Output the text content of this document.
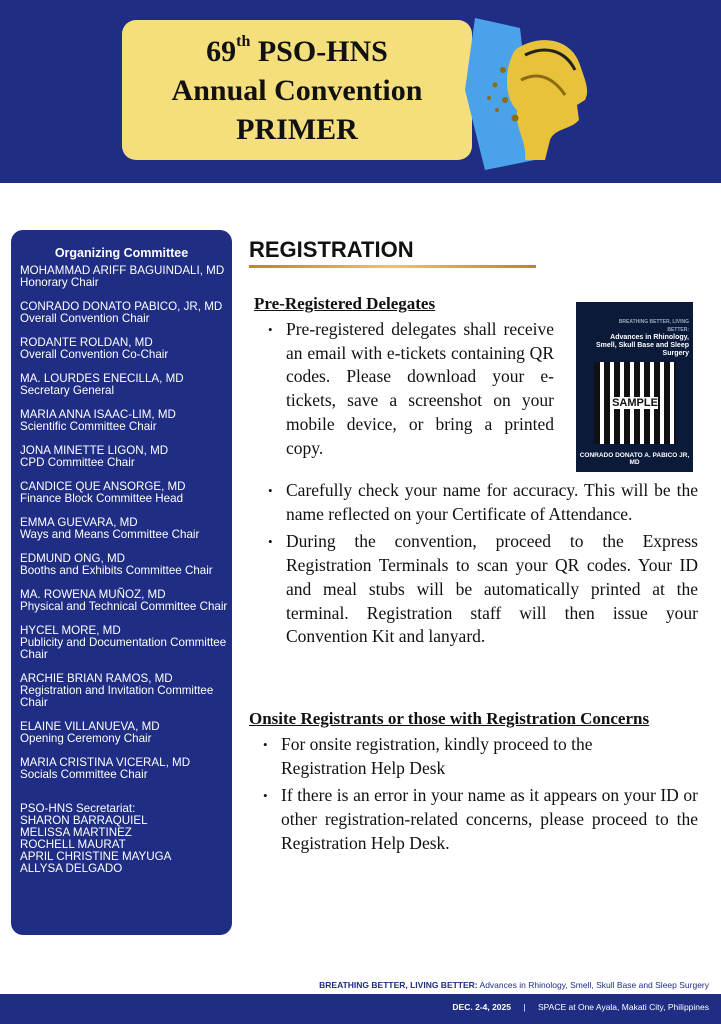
69th PSO-HNS
Annual Convention
PRIMER
Organizing Committee
MOHAMMAD ARIFF BAGUINDALI, MD
Honorary Chair
CONRADO DONATO PABICO, JR, MD
Overall Convention Chair
RODANTE ROLDAN, MD
Overall Convention Co-Chair
MA. LOURDES ENECILLA, MD
Secretary General
MARIA ANNA ISAAC-LIM, MD
Scientific Committee Chair
JONA MINETTE LIGON, MD
CPD Committee Chair
CANDICE QUE ANSORGE, MD
Finance Block Committee Head
EMMA GUEVARA, MD
Ways and Means Committee Chair
EDMUND ONG, MD
Booths and Exhibits Committee Chair
MA. ROWENA MUÑOZ, MD
Physical and Technical Committee Chair
HYCEL MORE, MD
Publicity and Documentation Committee Chair
ARCHIE BRIAN RAMOS, MD
Registration and Invitation Committee Chair
ELAINE VILLANUEVA, MD
Opening Ceremony Chair
MARIA CRISTINA VICERAL, MD
Socials Committee Chair
PSO-HNS Secretariat:
SHARON BARRAQUIEL
MELISSA MARTINEZ
ROCHELL MAURAT
APRIL CHRISTINE MAYUGA
ALLYSA DELGADO
REGISTRATION
Pre-Registered Delegates
• Pre-registered delegates shall receive an email with e-tickets containing QR codes. Please download your e-tickets, save a screenshot on your mobile device, or bring a printed copy.
• Carefully check your name for accuracy. This will be the name reflected on your Certificate of Attendance.
• During the convention, proceed to the Express Registration Terminals to scan your QR codes. Your ID and meal stubs will be automatically printed at the terminal. Registration staff will then issue your Convention Kit and lanyard.
BREATHING BETTER, LIVING BETTER:
Advances in Rhinology, Smell, Skull Base and Sleep Surgery
SAMPLE
CONRADO DONATO A. PABICO JR, MD
Onsite Registrants or those with Registration Concerns
• For onsite registration, kindly proceed to the Registration Help Desk
• If there is an error in your name as it appears on your ID or other registration-related concerns, please proceed to the Registration Help Desk.
BREATHING BETTER, LIVING BETTER: Advances in Rhinology, Smell, Skull Base and Sleep Surgery
DEC. 2-4, 2025 | SPACE at One Ayala, Makati City, Philippines
